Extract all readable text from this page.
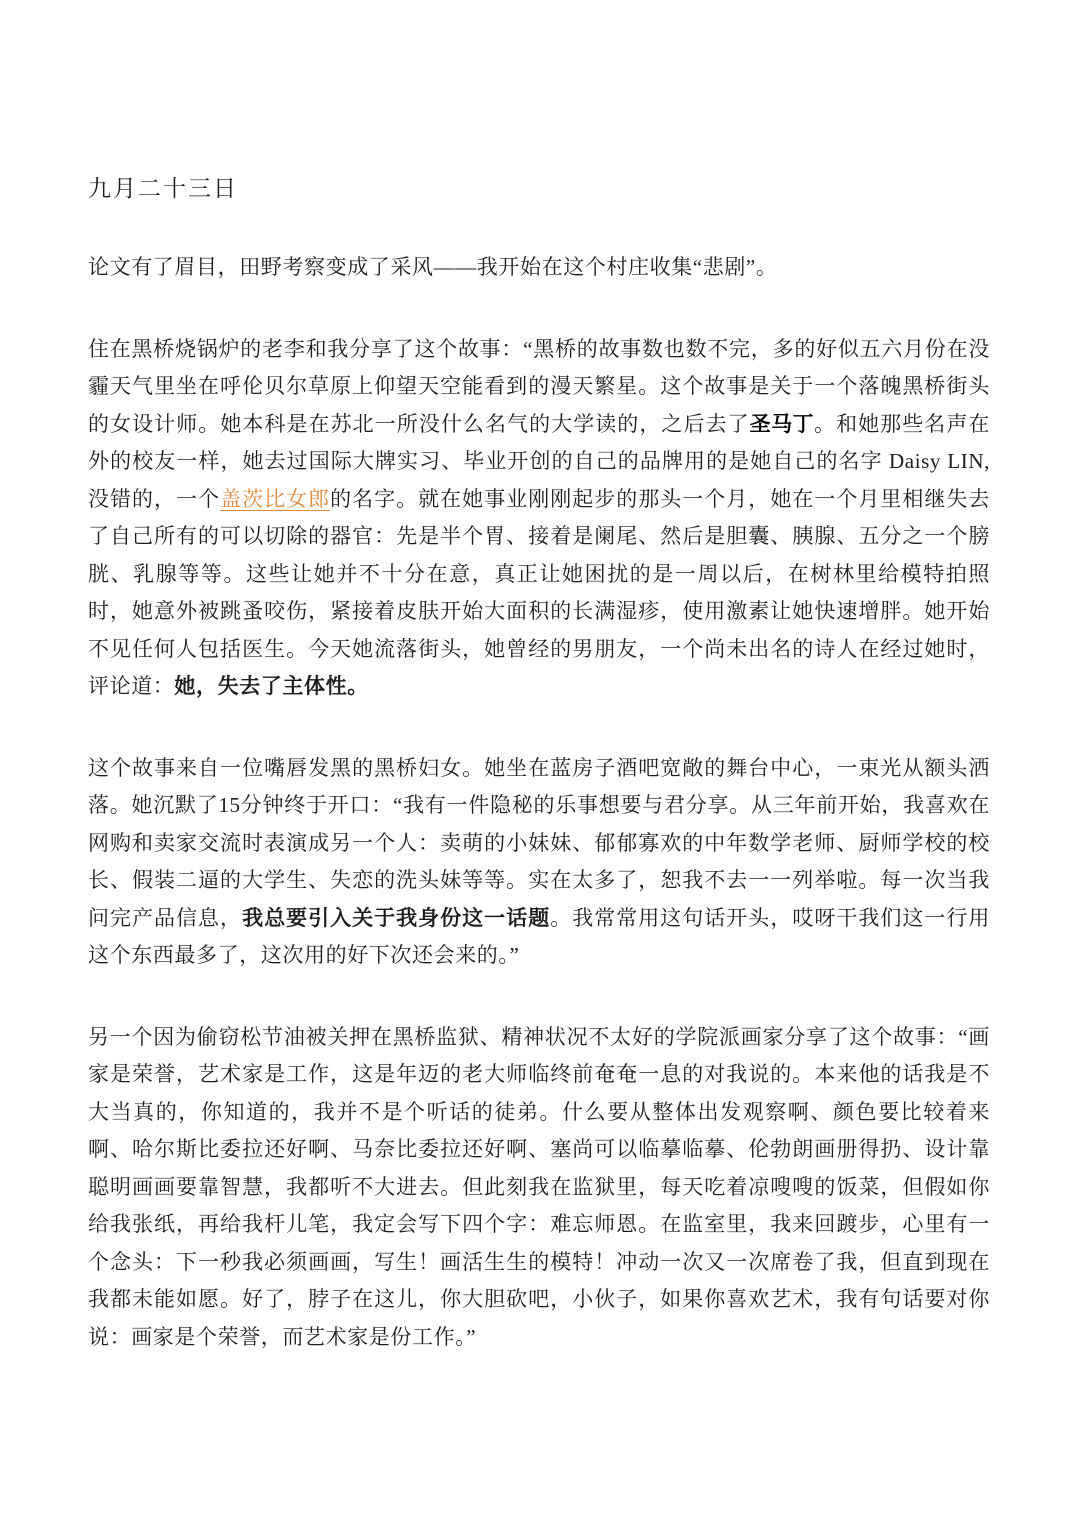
九月二十三日

论文有了眉目，田野考察变成了采风——我开始在这个村庄收集“悲剧”。

住在黑桥烧锅炉的老李和我分享了这个故事：“黑桥的故事数也数不完，多的好似五六月份在没霾天气里坐在呼伦贝尔草原上仰望天空能看到的漫天繁星。这个故事是关于一个落魄黑桥街头的女设计师。她本科是在苏北一所没什么名气的大学读的，之后去了圣马丁。和她那些名声在外的校友一样，她去过国际大牌实习、毕业开创的自己的品牌用的是她自己的名字 Daisy LIN,没错的，一个盖茨比女郎的名字。就在她事业刚刚起步的那头一个月，她在一个月里相继失去了自己所有的可以切除的器官：先是半个胃、接着是阑尾、然后是胆囊、胰腺、五分之一个膀胱、乳腺等等。这些让她并不十分在意，真正让她困扰的是一周以后，在树林里给模特拍照时，她意外被跳蚤咬伤，紧接着皮肤开始大面积的长满湿疹，使用激素让她快速增胖。她开始不见任何人包括医生。今天她流落街头，她曾经的男朋友，一个尚未出名的诗人在经过她时，评论道：她，失去了主体性。

这个故事来自一位嘴唇发黑的黑桥妇女。她坐在蓝房子酒吧宽敞的舞台中心，一束光从额头洒落。她沉默了15分钟终于开口：“我有一件隐秘的乐事想要与君分享。从三年前开始，我喜欢在网购和卖家交流时表演成另一个人：卖萌的小妹妹、郁郁寡欢的中年数学老师、厨师学校的校长、假装二逼的大学生、失恋的洗头妹等等。实在太多了，恕我不去一一列举啦。每一次当我问完产品信息，我总要引入关于我身份这一话题。我常常用这句话开头，哎呀干我们这一行用这个东西最多了，这次用的好下次还会来的。”

另一个因为偷窃松节油被关押在黑桥监狱、精神状况不太好的学院派画家分享了这个故事：“画家是荣誉，艺术家是工作，这是年迈的老大师临终前奄奄一息的对我说的。本来他的话我是不大当真的，你知道的，我并不是个听话的徒弟。什么要从整体出发观察啊、颜色要比较着来啊、哈尔斯比委拉还好啊、马奈比委拉还好啊、塞尚可以临摹临摹、伦勃朗画册得扔、设计靠聪明画画要靠智慧，我都听不大进去。但此刻我在监狱里，每天吃着凉嗖嗖的饭菜，但假如你给我张纸，再给我杆儿笔，我定会写下四个字：难忘师恩。在监室里，我来回踱步，心里有一个念头：下一秒我必须画画，写生！画活生生的模特！冲动一次又一次席卷了我，但直到现在我都未能如愿。好了，脖子在这儿，你大胆砍吧，小伙子，如果你喜欢艺术，我有句话要对你说：画家是个荣誉，而艺术家是份工作。”
